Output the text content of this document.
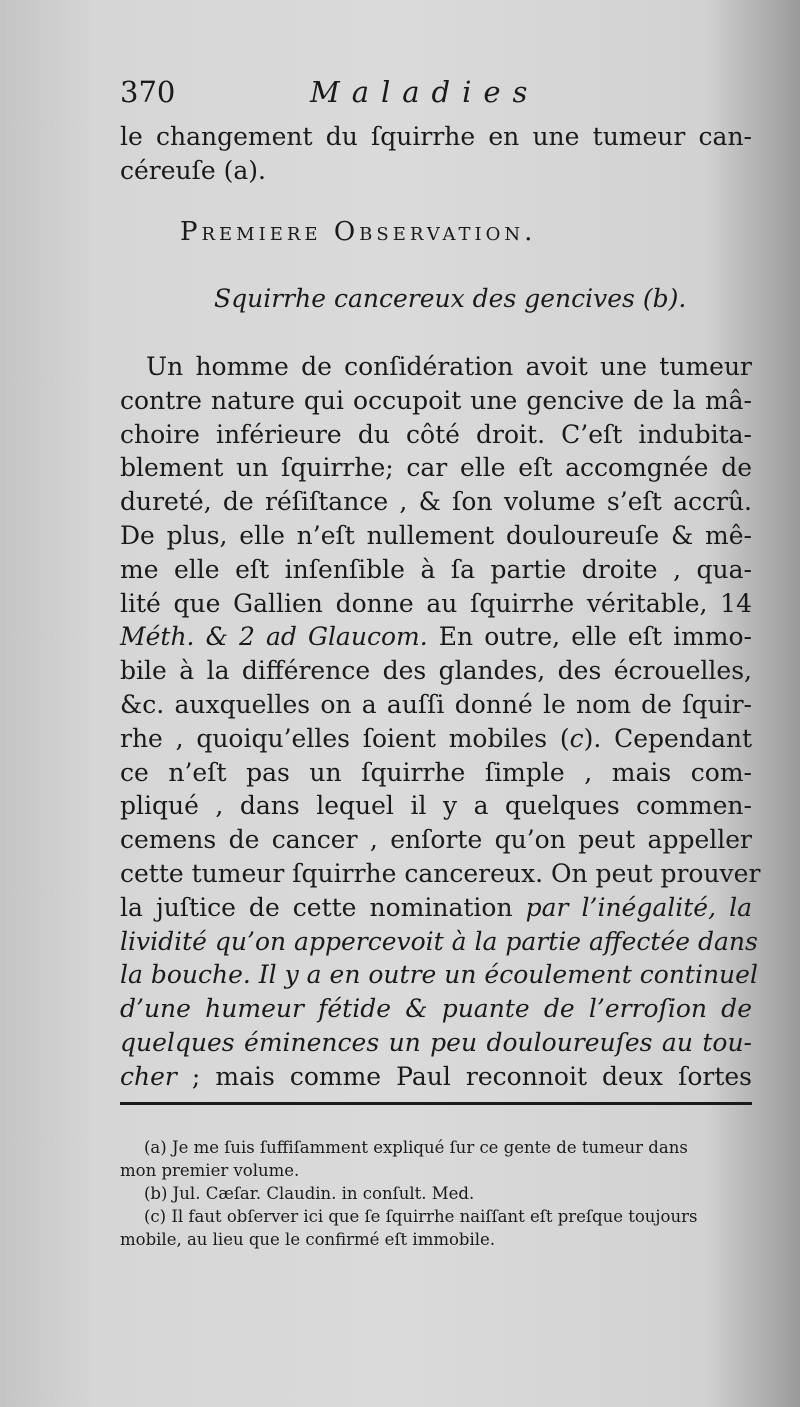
370	Maladies
le changement du ſquirrhe en une tumeur can-
céreuſe (a).
Premiere Observation.
Squirrhe cancereux des gencives (b).
Un homme de conſidération avoit une tumeur
contre nature qui occupoit une gencive de la mâ-
choire inférieure du côté droit. C’eſt indubita-
blement un ſquirrhe; car elle eſt accomgnée de
dureté, de réſiſtance , & ſon volume s’eſt accrû.
De plus, elle n’eſt nullement douloureuſe & mê-
me elle eſt inſenſible à ſa partie droite , qua-
lité que Gallien donne au ſquirrhe véritable, 14
Méth. & 2 ad Glaucom. En outre, elle eſt immo-
bile à la différence des glandes, des écrouelles,
&c. auxquelles on a auſſi donné le nom de ſquir-
rhe , quoiqu’elles ſoient mobiles (c). Cependant
ce n’eſt pas un ſquirrhe ſimple , mais com-
pliqué , dans lequel il y a quelques commen-
cemens de cancer , enſorte qu’on peut appeller
cette tumeur ſquirrhe cancereux. On peut prouver
la juſtice de cette nomination par l’inégalité, la
lividité qu’on appercevoit à la partie affectée dans
la bouche. Il y a en outre un écoulement continuel
d’une humeur fétide & puante de l’erroſion de
quelques éminences un peu douloureuſes au tou-
cher ; mais comme Paul reconnoit deux ſortes
(a) Je me ſuis ſuffiſamment expliqué ſur ce gente de tumeur dans
mon premier volume.
(b) Jul. Cæſar. Claudin. in conſult. Med.
(c) Il faut obſerver ici que ſe ſquirrhe naiſſant eſt preſque toujours
mobile, au lieu que le confirmé eſt immobile.
